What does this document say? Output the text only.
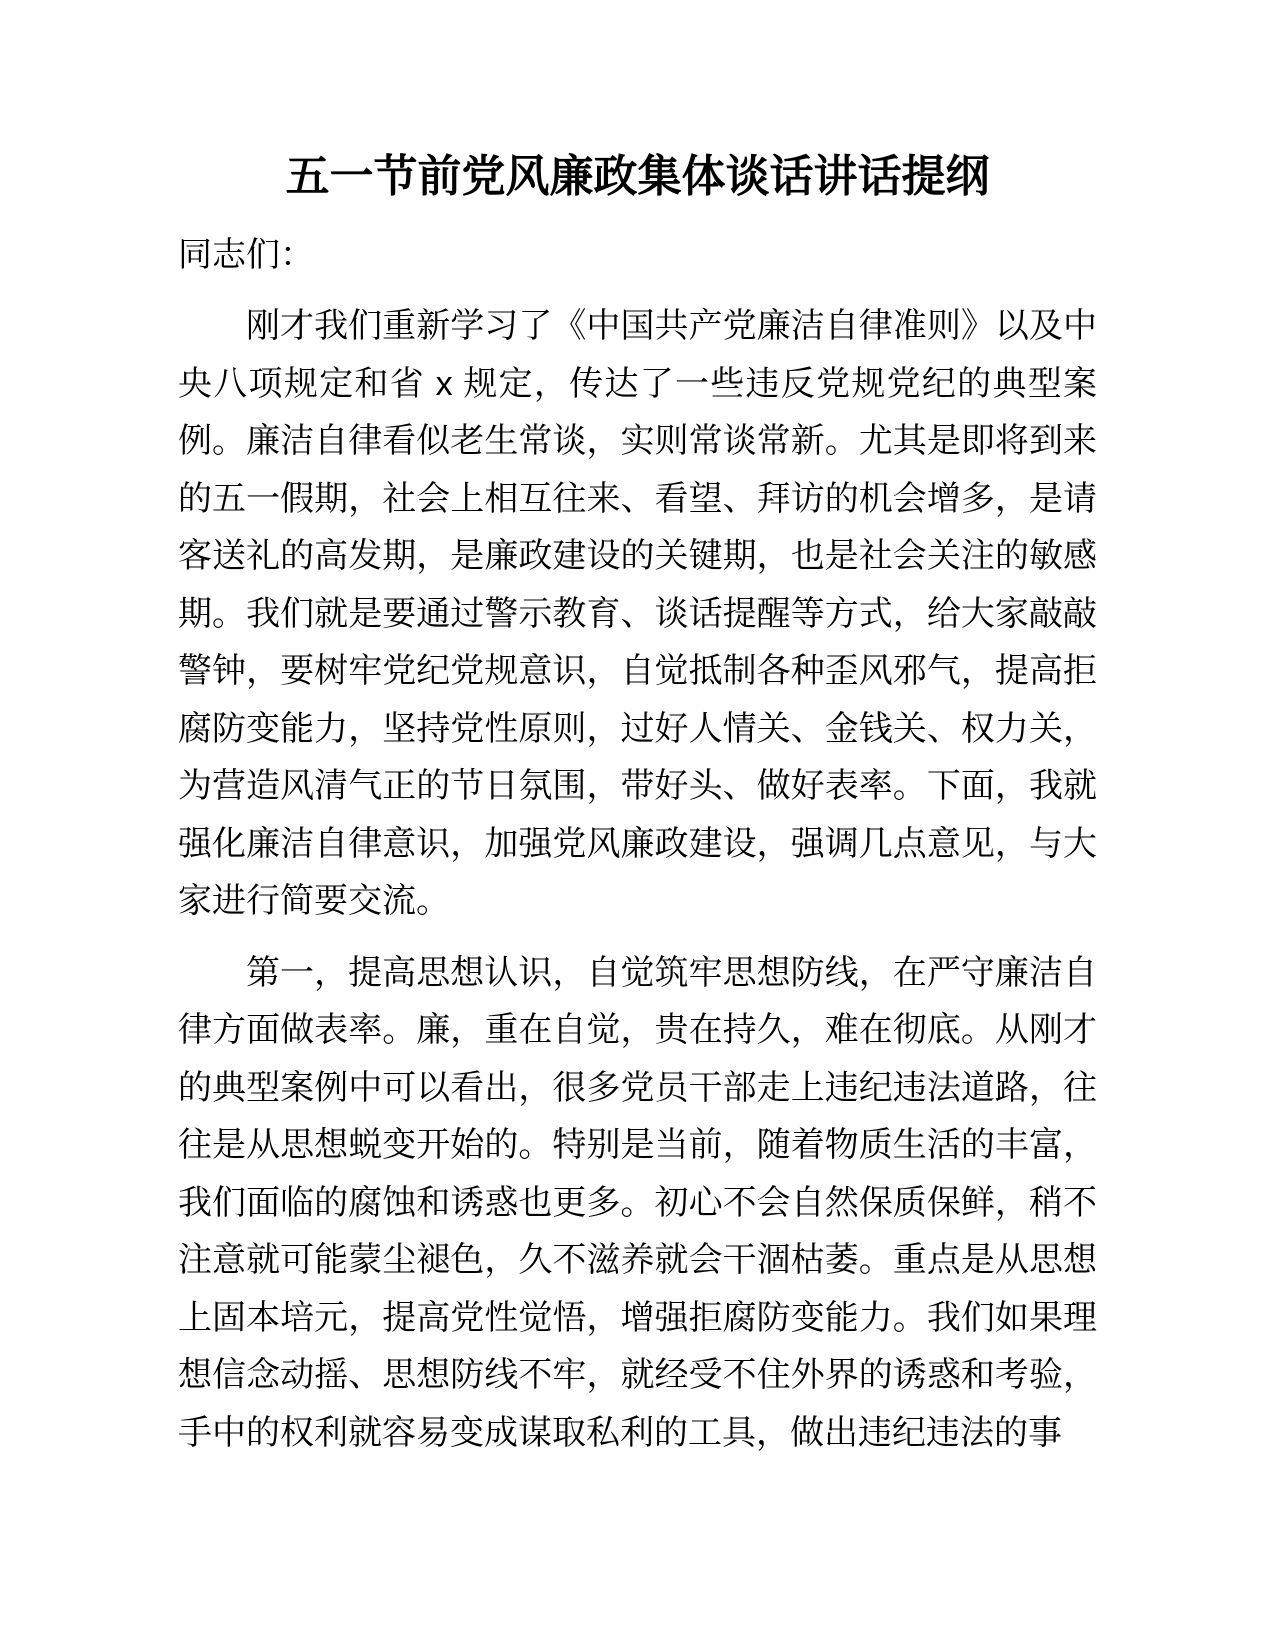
五一节前党风廉政集体谈话讲话提纲

同志们：

刚才我们重新学习了《中国共产党廉洁自律准则》以及中央八项规定和省 x 规定，传达了一些违反党规党纪的典型案例。廉洁自律看似老生常谈，实则常谈常新。尤其是即将到来的五一假期，社会上相互往来、看望、拜访的机会增多，是请客送礼的高发期，是廉政建设的关键期，也是社会关注的敏感期。我们就是要通过警示教育、谈话提醒等方式，给大家敲敲警钟，要树牢党纪党规意识，自觉抵制各种歪风邪气，提高拒腐防变能力，坚持党性原则，过好人情关、金钱关、权力关，为营造风清气正的节日氛围，带好头、做好表率。下面，我就强化廉洁自律意识，加强党风廉政建设，强调几点意见，与大家进行简要交流。

第一，提高思想认识，自觉筑牢思想防线，在严守廉洁自律方面做表率。廉，重在自觉，贵在持久，难在彻底。从刚才的典型案例中可以看出，很多党员干部走上违纪违法道路，往往是从思想蜕变开始的。特别是当前，随着物质生活的丰富，我们面临的腐蚀和诱惑也更多。初心不会自然保质保鲜，稍不注意就可能蒙尘褪色，久不滋养就会干涸枯萎。重点是从思想上固本培元，提高党性觉悟，增强拒腐防变能力。我们如果理想信念动摇、思想防线不牢，就经受不住外界的诱惑和考验，手中的权利就容易变成谋取私利的工具，做出违纪违法的事
